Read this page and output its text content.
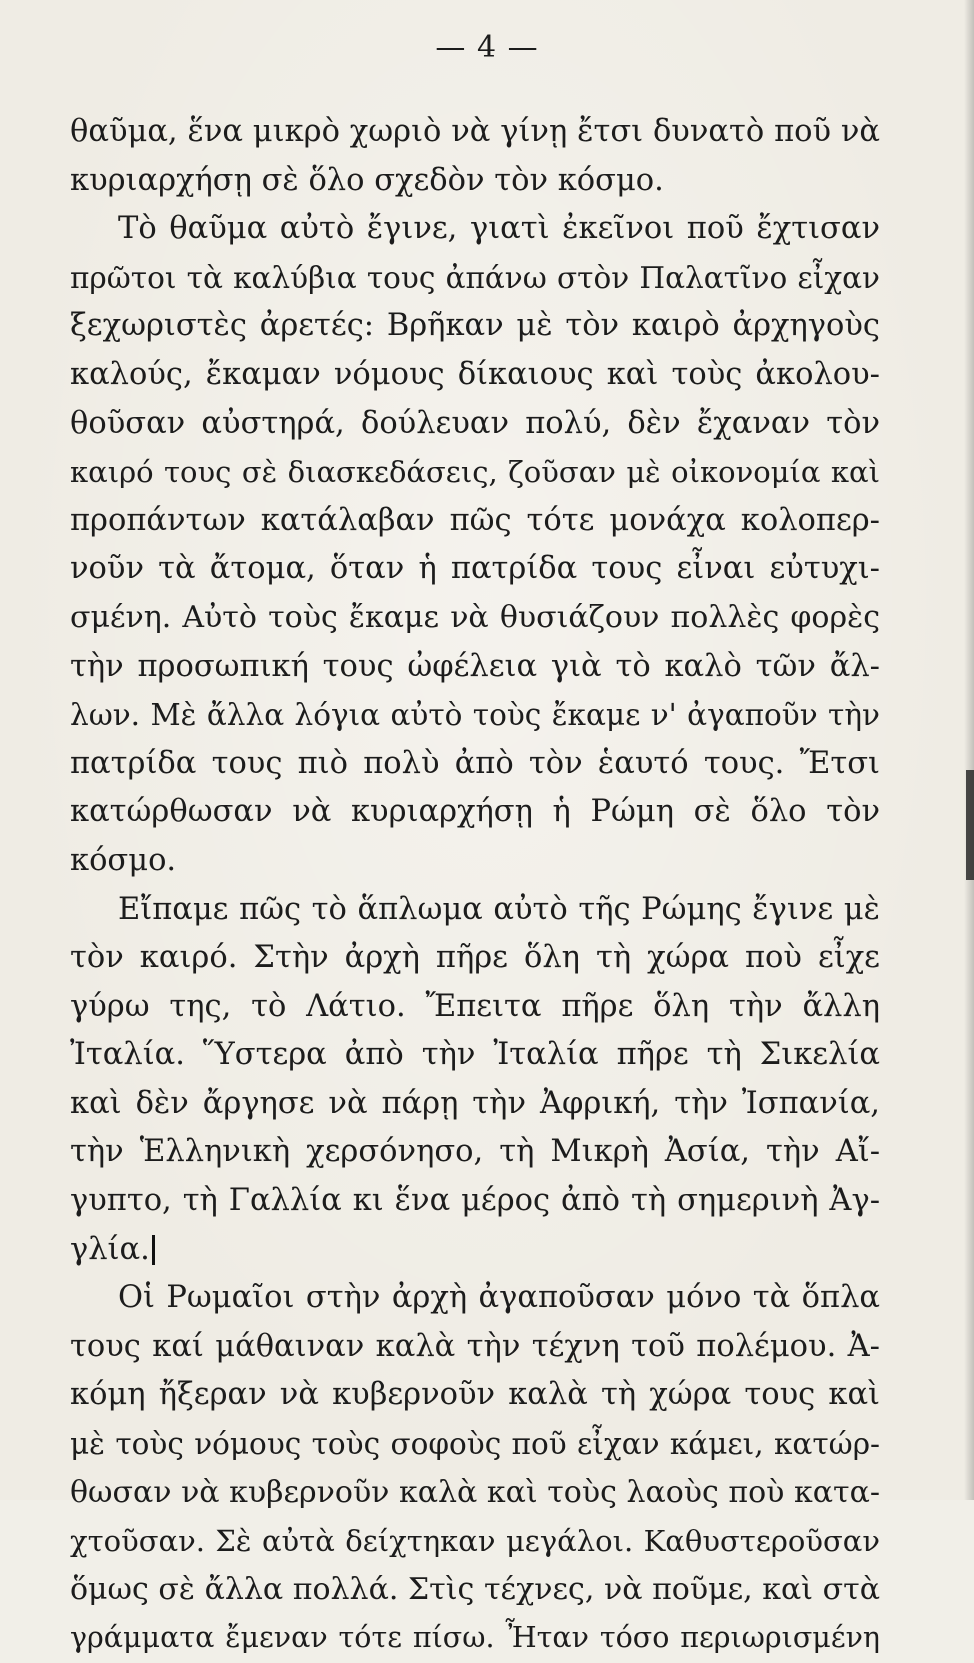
— 4 —
θαῦμα, ἕνα μικρὸ χωριὸ νὰ γίνῃ ἔτσι δυνατὸ ποῦ νὰ
κυριαρχήσῃ σὲ ὅλο σχεδὸν τὸν κόσμο.
Τὸ θαῦμα αὐτὸ ἔγινε, γιατὶ ἐκεῖνοι ποῦ ἔχτισαν
πρῶτοι τὰ καλύβια τους ἀπάνω στὸν Παλατῖνο εἶχαν
ξεχωριστὲς ἀρετές: Βρῆκαν μὲ τὸν καιρὸ ἀρχηγοὺς
καλούς, ἔκαμαν νόμους δίκαιους καὶ τοὺς ἀκολου-
θοῦσαν αὐστηρά, δούλευαν πολύ, δὲν ἔχαναν τὸν
καιρό τους σὲ διασκεδάσεις, ζοῦσαν μὲ οἰκονομία καὶ
προπάντων κατάλαβαν πῶς τότε μονάχα κολοπερ-
νοῦν τὰ ἄτομα, ὅταν ἡ πατρίδα τους εἶναι εὐτυχι-
σμένη. Αὐτὸ τοὺς ἔκαμε νὰ θυσιάζουν πολλὲς φορὲς
τὴν προσωπική τους ὠφέλεια γιὰ τὸ καλὸ τῶν ἄλ-
λων. Μὲ ἄλλα λόγια αὐτὸ τοὺς ἔκαμε ν' ἀγαποῦν τὴν
πατρίδα τους πιὸ πολὺ ἀπὸ τὸν ἑαυτό τους. Ἔτσι
κατώρθωσαν νὰ κυριαρχήσῃ ἡ Ρώμη σὲ ὅλο τὸν
κόσμο.
Εἴπαμε πῶς τὸ ἅπλωμα αὐτὸ τῆς Ρώμης ἔγινε μὲ
τὸν καιρό. Στὴν ἀρχὴ πῆρε ὅλη τὴ χώρα ποὺ εἶχε
γύρω της, τὸ Λάτιο. Ἔπειτα πῆρε ὅλη τὴν ἄλλη
Ἰταλία. Ὕστερα ἀπὸ τὴν Ἰταλία πῆρε τὴ Σικελία
καὶ δὲν ἄργησε νὰ πάρῃ τὴν Ἀφρική, τὴν Ἰσπανία,
τὴν Ἑλληνικὴ χερσόνησο, τὴ Μικρὴ Ἀσία, τὴν Αἴ-
γυπτο, τὴ Γαλλία κι ἕνα μέρος ἀπὸ τὴ σημερινὴ Ἀγ-
γλία.
Οἱ Ρωμαῖοι στὴν ἀρχὴ ἀγαποῦσαν μόνο τὰ ὅπλα
τους καί μάθαιναν καλὰ τὴν τέχνη τοῦ πολέμου. Ἀ-
κόμη ἤξεραν νὰ κυβερνοῦν καλὰ τὴ χώρα τους καὶ
μὲ τοὺς νόμους τοὺς σοφοὺς ποῦ εἶχαν κάμει, κατώρ-
θωσαν νὰ κυβερνοῦν καλὰ καὶ τοὺς λαοὺς ποὺ κατα-
χτοῦσαν. Σὲ αὐτὰ δείχτηκαν μεγάλοι. Καθυστεροῦσαν
ὅμως σὲ ἄλλα πολλά. Στὶς τέχνες, νὰ ποῦμε, καὶ στὰ
γράμματα ἔμεναν τότε πίσω. Ἦταν τόσο περιωρισμένη
